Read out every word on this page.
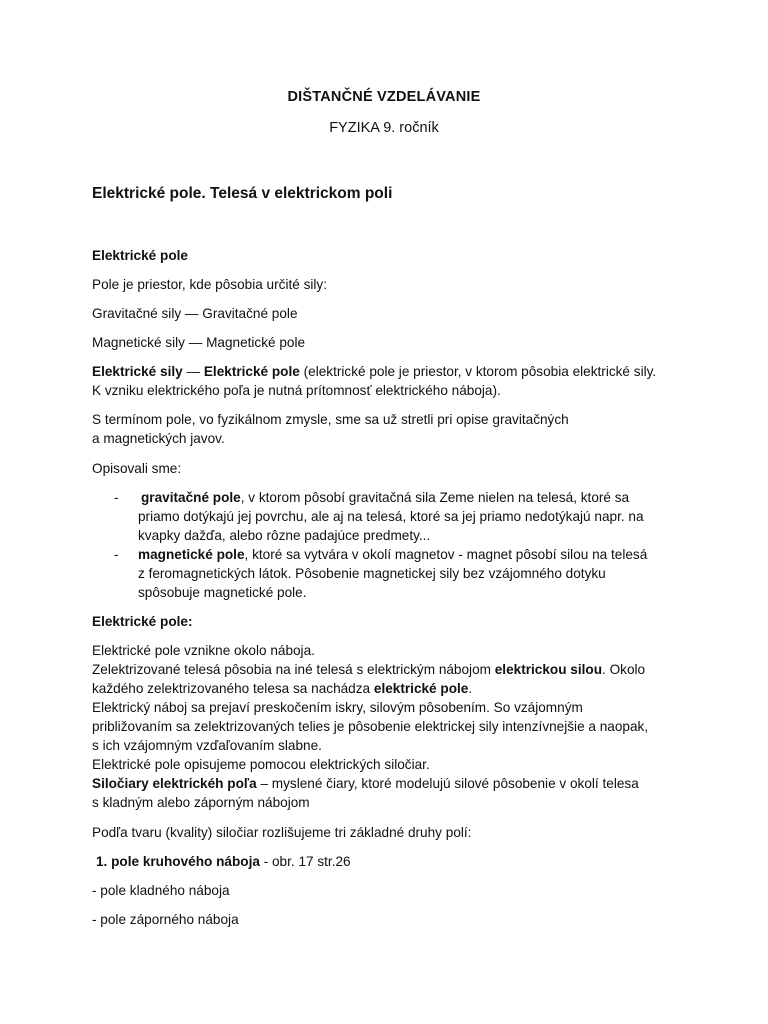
DIŠTANČNÉ VZDELÁVANIE
FYZIKA 9. ročník
Elektrické pole. Telesá v elektrickom poli
Elektrické pole
Pole je priestor, kde pôsobia určité sily:
Gravitačné sily — Gravitačné pole
Magnetické sily — Magnetické pole
Elektrické sily — Elektrické pole (elektrické pole je priestor, v ktorom pôsobia elektrické sily.
K vzniku elektrického poľa je nutná prítomnosť elektrického náboja).
S termínom pole, vo fyzikálnom zmysle, sme sa už stretli pri opise gravitačných
a magnetických javov.
Opisovali sme:
- gravitačné pole, v ktorom pôsobí gravitačná sila Zeme nielen na telesá, ktoré sa
priamo dotýkajú jej povrchu, ale aj na telesá, ktoré sa jej priamo nedotýkajú napr. na
kvapky dažďa, alebo rôzne padajúce predmety...
- magnetické pole, ktoré sa vytvára v okolí magnetov - magnet pôsobí silou na telesá
z feromagnetických látok. Pôsobenie magnetickej sily bez vzájomného dotyku
spôsobuje magnetické pole.
Elektrické pole:
Elektrické pole vznikne okolo náboja.
Zelektrizované telesá pôsobia na iné telesá s elektrickým nábojom elektrickou silou. Okolo
každého zelektrizovaného telesa sa nachádza elektrické pole.
Elektrický náboj sa prejaví preskočením iskry, silovým pôsobením. So vzájomným
približovaním sa zelektrizovaných telies je pôsobenie elektrickej sily intenzívnejšie a naopak,
s ich vzájomným vzďaľovaním slabne.
Elektrické pole opisujeme pomocou elektrických siločiar.
Siločiary elektrickéh poľa – myslené čiary, ktoré modelujú silové pôsobenie v okolí telesa
s kladným alebo záporným nábojom
Podľa tvaru (kvality) siločiar rozlišujeme tri základné druhy polí:
1. pole kruhového náboja - obr. 17 str.26
- pole kladného náboja
- pole záporného náboja
